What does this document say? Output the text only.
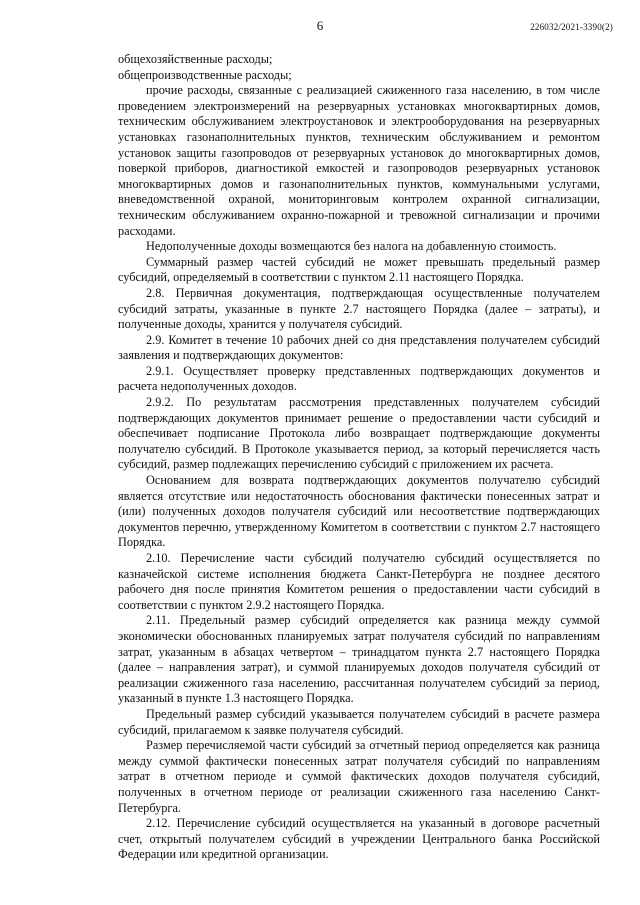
6	226032/2021-3390(2)

общехозяйственные расходы;

общепроизводственные расходы;

прочие расходы, связанные с реализацией сжиженного газа населению, в том числе проведением электроизмерений на резервуарных установках многоквартирных домов, техническим обслуживанием электроустановок и электрооборудования на резервуарных установках газонаполнительных пунктов, техническим обслуживанием и ремонтом установок защиты газопроводов от резервуарных установок до многоквартирных домов, поверкой приборов, диагностикой емкостей и газопроводов резервуарных установок многоквартирных домов и газонаполнительных пунктов, коммунальными услугами, вневедомственной охраной, мониторинговым контролем охранной сигнализации, техническим обслуживанием охранно-пожарной и тревожной сигнализации и прочими расходами.

Недополученные доходы возмещаются без налога на добавленную стоимость.

Суммарный размер частей субсидий не может превышать предельный размер субсидий, определяемый в соответствии с пунктом 2.11 настоящего Порядка.

2.8. Первичная документация, подтверждающая осуществленные получателем субсидий затраты, указанные в пункте 2.7 настоящего Порядка (далее – затраты), и полученные доходы, хранится у получателя субсидий.

2.9. Комитет в течение 10 рабочих дней со дня представления получателем субсидий заявления и подтверждающих документов:

2.9.1. Осуществляет проверку представленных подтверждающих документов и расчета недополученных доходов.

2.9.2. По результатам рассмотрения представленных получателем субсидий подтверждающих документов принимает решение о предоставлении части субсидий и обеспечивает подписание Протокола либо возвращает подтверждающие документы получателю субсидий. В Протоколе указывается период, за который перечисляется часть субсидий, размер подлежащих перечислению субсидий с приложением их расчета.

Основанием для возврата подтверждающих документов получателю субсидий является отсутствие или недостаточность обоснования фактически понесенных затрат и (или) полученных доходов получателя субсидий или несоответствие подтверждающих документов перечню, утвержденному Комитетом в соответствии с пунктом 2.7 настоящего Порядка.

2.10. Перечисление части субсидий получателю субсидий осуществляется по казначейской системе исполнения бюджета Санкт-Петербурга не позднее десятого рабочего дня после принятия Комитетом решения о предоставлении части субсидий в соответствии с пунктом 2.9.2 настоящего Порядка.

2.11. Предельный размер субсидий определяется как разница между суммой экономически обоснованных планируемых затрат получателя субсидий по направлениям затрат, указанным в абзацах четвертом – тринадцатом пункта 2.7 настоящего Порядка (далее – направления затрат), и суммой планируемых доходов получателя субсидий от реализации сжиженного газа населению, рассчитанная получателем субсидий за период, указанный в пункте 1.3 настоящего Порядка.

Предельный размер субсидий указывается получателем субсидий в расчете размера субсидий, прилагаемом к заявке получателя субсидий.

Размер перечисляемой части субсидий за отчетный период определяется как разница между суммой фактически понесенных затрат получателя субсидий по направлениям затрат в отчетном периоде и суммой фактических доходов получателя субсидий, полученных в отчетном периоде от реализации сжиженного газа населению Санкт-Петербурга.

2.12. Перечисление субсидий осуществляется на указанный в договоре расчетный счет, открытый получателем субсидий в учреждении Центрального банка Российской Федерации или кредитной организации.
